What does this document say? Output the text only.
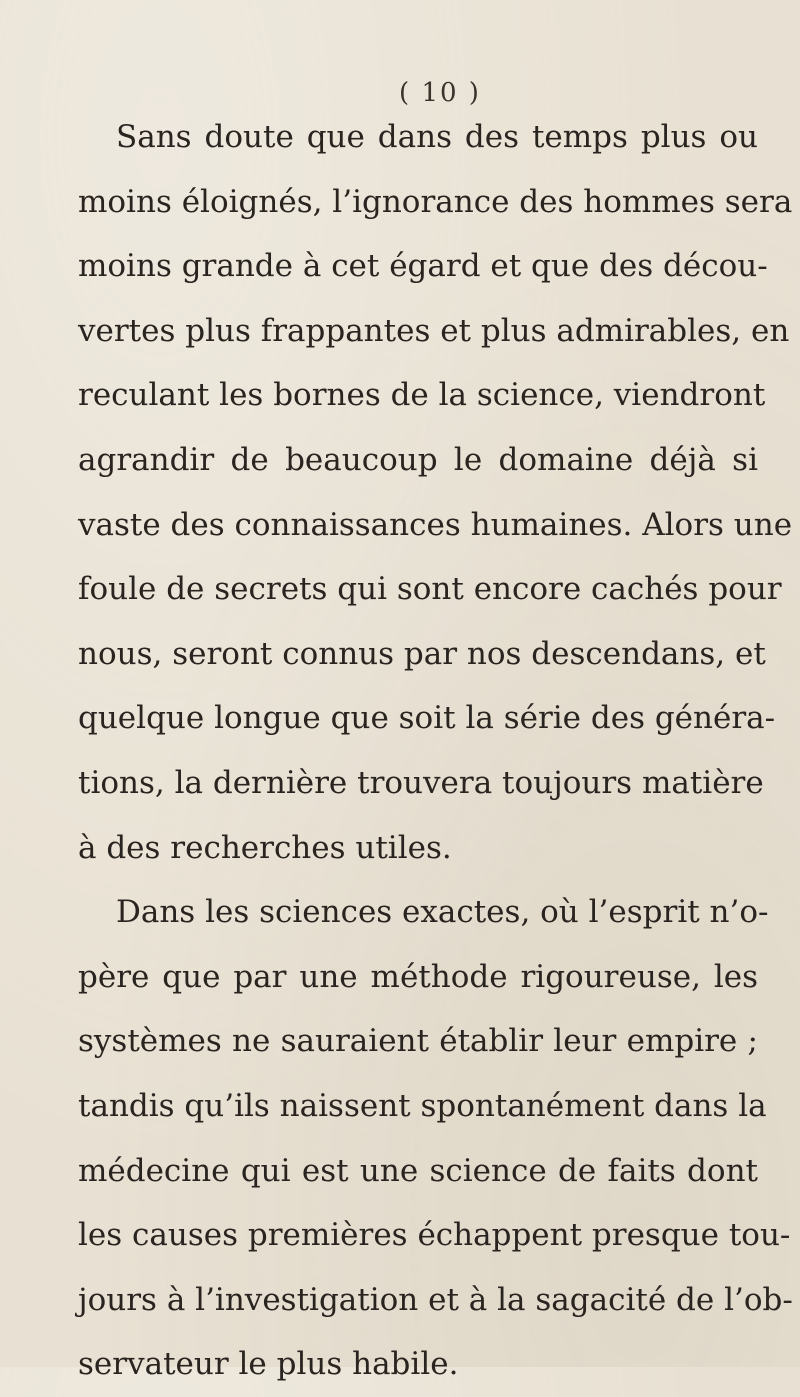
( 10 )
Sans doute que dans des temps plus ou
moins éloignés, l’ignorance des hommes sera
moins grande à cet égard et que des décou-
vertes plus frappantes et plus admirables, en
reculant les bornes de la science, viendront
agrandir de beaucoup le domaine déjà si
vaste des connaissances humaines. Alors une
foule de secrets qui sont encore cachés pour
nous, seront connus par nos descendans, et
quelque longue que soit la série des généra-
tions, la dernière trouvera toujours matière
à des recherches utiles.
Dans les sciences exactes, où l’esprit n’o-
père que par une méthode rigoureuse, les
systèmes ne sauraient établir leur empire ;
tandis qu’ils naissent spontanément dans la
médecine qui est une science de faits dont
les causes premières échappent presque tou-
jours à l’investigation et à la sagacité de l’ob-
servateur le plus habile.
